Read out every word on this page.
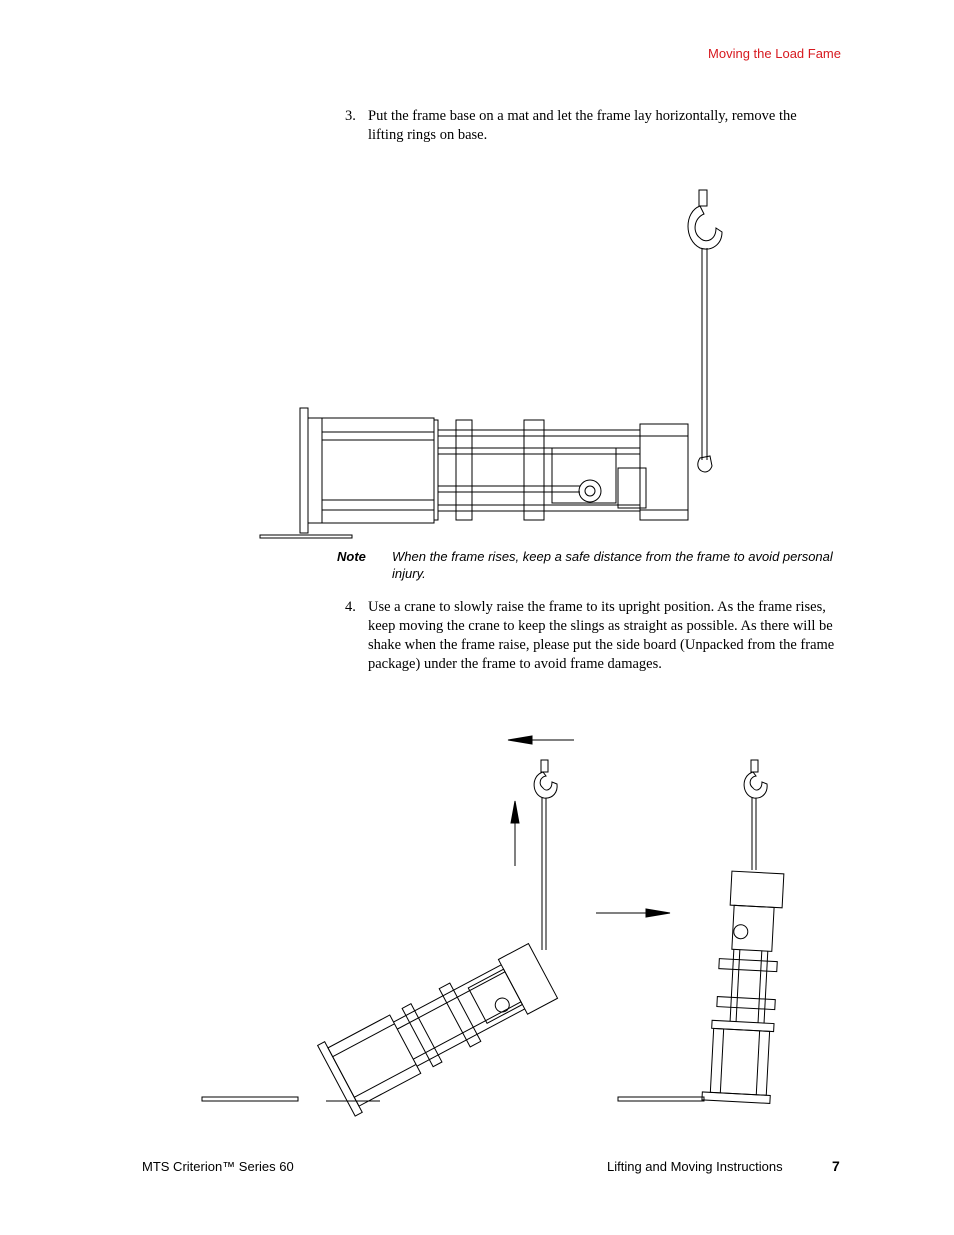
Moving the Load Fame
3. Put the frame base on a mat and let the frame lay horizontally, remove the lifting rings on base.
Note When the frame rises, keep a safe distance from the frame to avoid personal injury.
4. Use a crane to slowly raise the frame to its upright position. As the frame rises, keep moving the crane to keep the slings as straight as possible. As there will be shake when the frame raise, please put the side board (Unpacked from the frame package) under the frame to avoid frame damages.
MTS Criterion™ Series 60	Lifting and Moving Instructions	7
